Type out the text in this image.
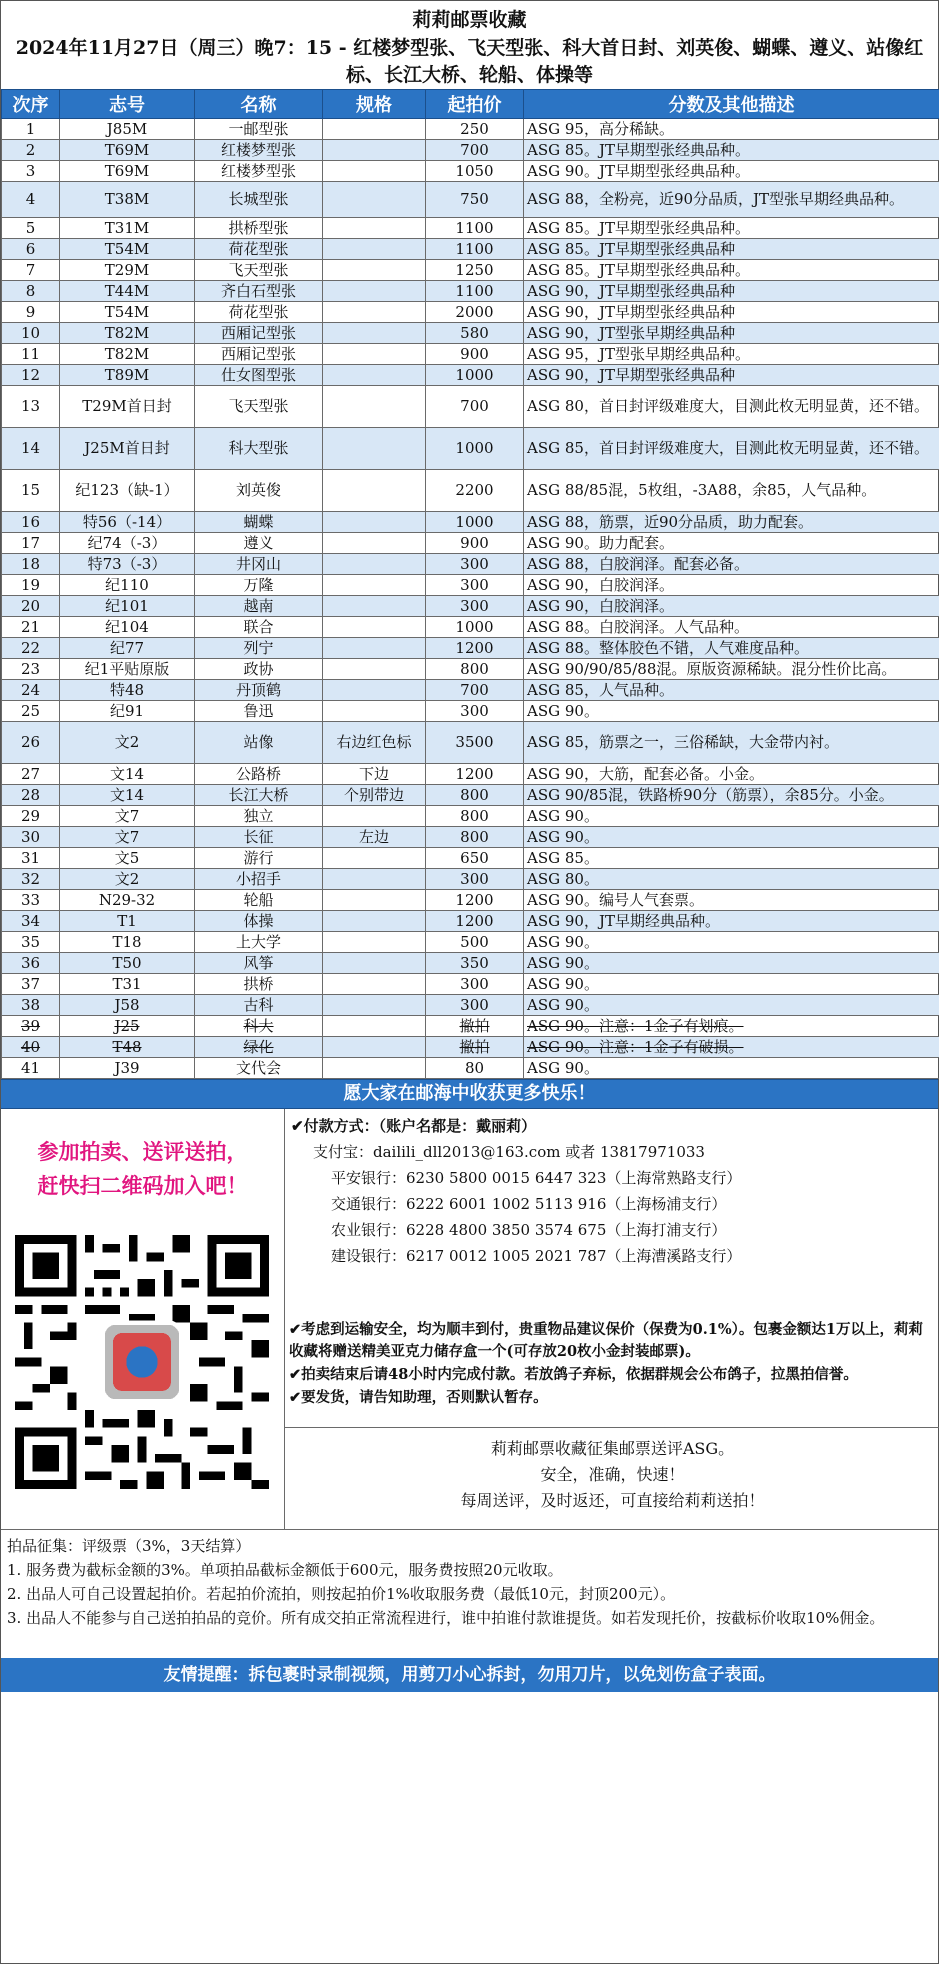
莉莉邮票收藏
2024年11月27日（周三）晚7：15 - 红楼梦型张、飞天型张、科大首日封、刘英俊、蝴蝶、遵义、站像红标、长江大桥、轮船、体操等
次序	志号	名称	规格	起拍价	分数及其他描述
1	J85M	一邮型张		250	ASG 95，高分稀缺。
2	T69M	红楼梦型张		700	ASG 85。JT早期型张经典品种。
3	T69M	红楼梦型张		1050	ASG 90。JT早期型张经典品种。
4	T38M	长城型张		750	ASG 88，全粉亮，近90分品质，JT型张早期经典品种。
5	T31M	拱桥型张		1100	ASG 85。JT早期型张经典品种。
6	T54M	荷花型张		1100	ASG 85。JT早期型张经典品种
7	T29M	飞天型张		1250	ASG 85。JT早期型张经典品种。
8	T44M	齐白石型张		1100	ASG 90，JT早期型张经典品种
9	T54M	荷花型张		2000	ASG 90，JT早期型张经典品种
10	T82M	西厢记型张		580	ASG 90，JT型张早期经典品种
11	T82M	西厢记型张		900	ASG 95，JT型张早期经典品种。
12	T89M	仕女图型张		1000	ASG 90，JT早期型张经典品种
13	T29M首日封	飞天型张		700	ASG 80，首日封评级难度大，目测此枚无明显黄，还不错。
14	J25M首日封	科大型张		1000	ASG 85，首日封评级难度大，目测此枚无明显黄，还不错。
15	纪123（缺-1）	刘英俊		2200	ASG 88/85混，5枚组，-3A88，余85，人气品种。
16	特56（-14）	蝴蝶		1000	ASG 88，筋票，近90分品质，助力配套。
17	纪74（-3）	遵义		900	ASG 90。助力配套。
18	特73（-3）	井冈山		300	ASG 88，白胶润泽。配套必备。
19	纪110	万隆		300	ASG 90，白胶润泽。
20	纪101	越南		300	ASG 90，白胶润泽。
21	纪104	联合		1000	ASG 88。白胶润泽。人气品种。
22	纪77	列宁		1200	ASG 88。整体胶色不错，人气难度品种。
23	纪1平贴原版	政协		800	ASG 90/90/85/88混。原版资源稀缺。混分性价比高。
24	特48	丹顶鹤		700	ASG 85，人气品种。
25	纪91	鲁迅		300	ASG 90。
26	文2	站像	右边红色标	3500	ASG 85，筋票之一，三俗稀缺，大金带内衬。
27	文14	公路桥	下边	1200	ASG 90，大筋，配套必备。小金。
28	文14	长江大桥	个别带边	800	ASG 90/85混，铁路桥90分（筋票），余85分。小金。
29	文7	独立		800	ASG 90。
30	文7	长征	左边	800	ASG 90。
31	文5	游行		650	ASG 85。
32	文2	小招手		300	ASG 80。
33	N29-32	轮船		1200	ASG 90。编号人气套票。
34	T1	体操		1200	ASG 90，JT早期经典品种。
35	T18	上大学		500	ASG 90。
36	T50	风筝		350	ASG 90。
37	T31	拱桥		300	ASG 90。
38	J58	古科		300	ASG 90。
39	J25	科大		撤拍	ASG 90。注意：1金子有划痕。
40	T48	绿化		撤拍	ASG 90。注意：1金子有破损。
41	J39	文代会		80	ASG 90。
愿大家在邮海中收获更多快乐！
参加拍卖、送评送拍，
赶快扫二维码加入吧！
✔付款方式：（账户名都是：戴丽莉）
支付宝：dailili_dll2013@163.com 或者 13817971033
平安银行：6230 5800 0015 6447 323（上海常熟路支行）
交通银行：6222 6001 1002 5113 916（上海杨浦支行）
农业银行：6228 4800 3850 3574 675（上海打浦支行）
建设银行：6217 0012 1005 2021 787（上海漕溪路支行）

✔考虑到运输安全，均为顺丰到付，贵重物品建议保价（保费为0.1%）。包裹金额达1万以上，莉莉收藏将赠送精美亚克力储存盒一个(可存放20枚小金封装邮票)。

✔拍卖结束后请48小时内完成付款。若放鸽子弃标，依据群规会公布鸽子，拉黑拍信誉。

✔要发货，请告知助理，否则默认暂存。

莉莉邮票收藏征集邮票送评ASG。
安全，准确，快速！
每周送评，及时返还，可直接给莉莉送拍！
拍品征集：评级票（3%，3天结算）
1. 服务费为截标金额的3%。单项拍品截标金额低于600元，服务费按照20元收取。
2. 出品人可自己设置起拍价。若起拍价流拍，则按起拍价1%收取服务费（最低10元，封顶200元）。
3. 出品人不能参与自己送拍拍品的竞价。所有成交拍正常流程进行，谁中拍谁付款谁提货。如若发现托价，按截标价收取10%佣金。
友情提醒：拆包裹时录制视频，用剪刀小心拆封，勿用刀片，以免划伤盒子表面。
